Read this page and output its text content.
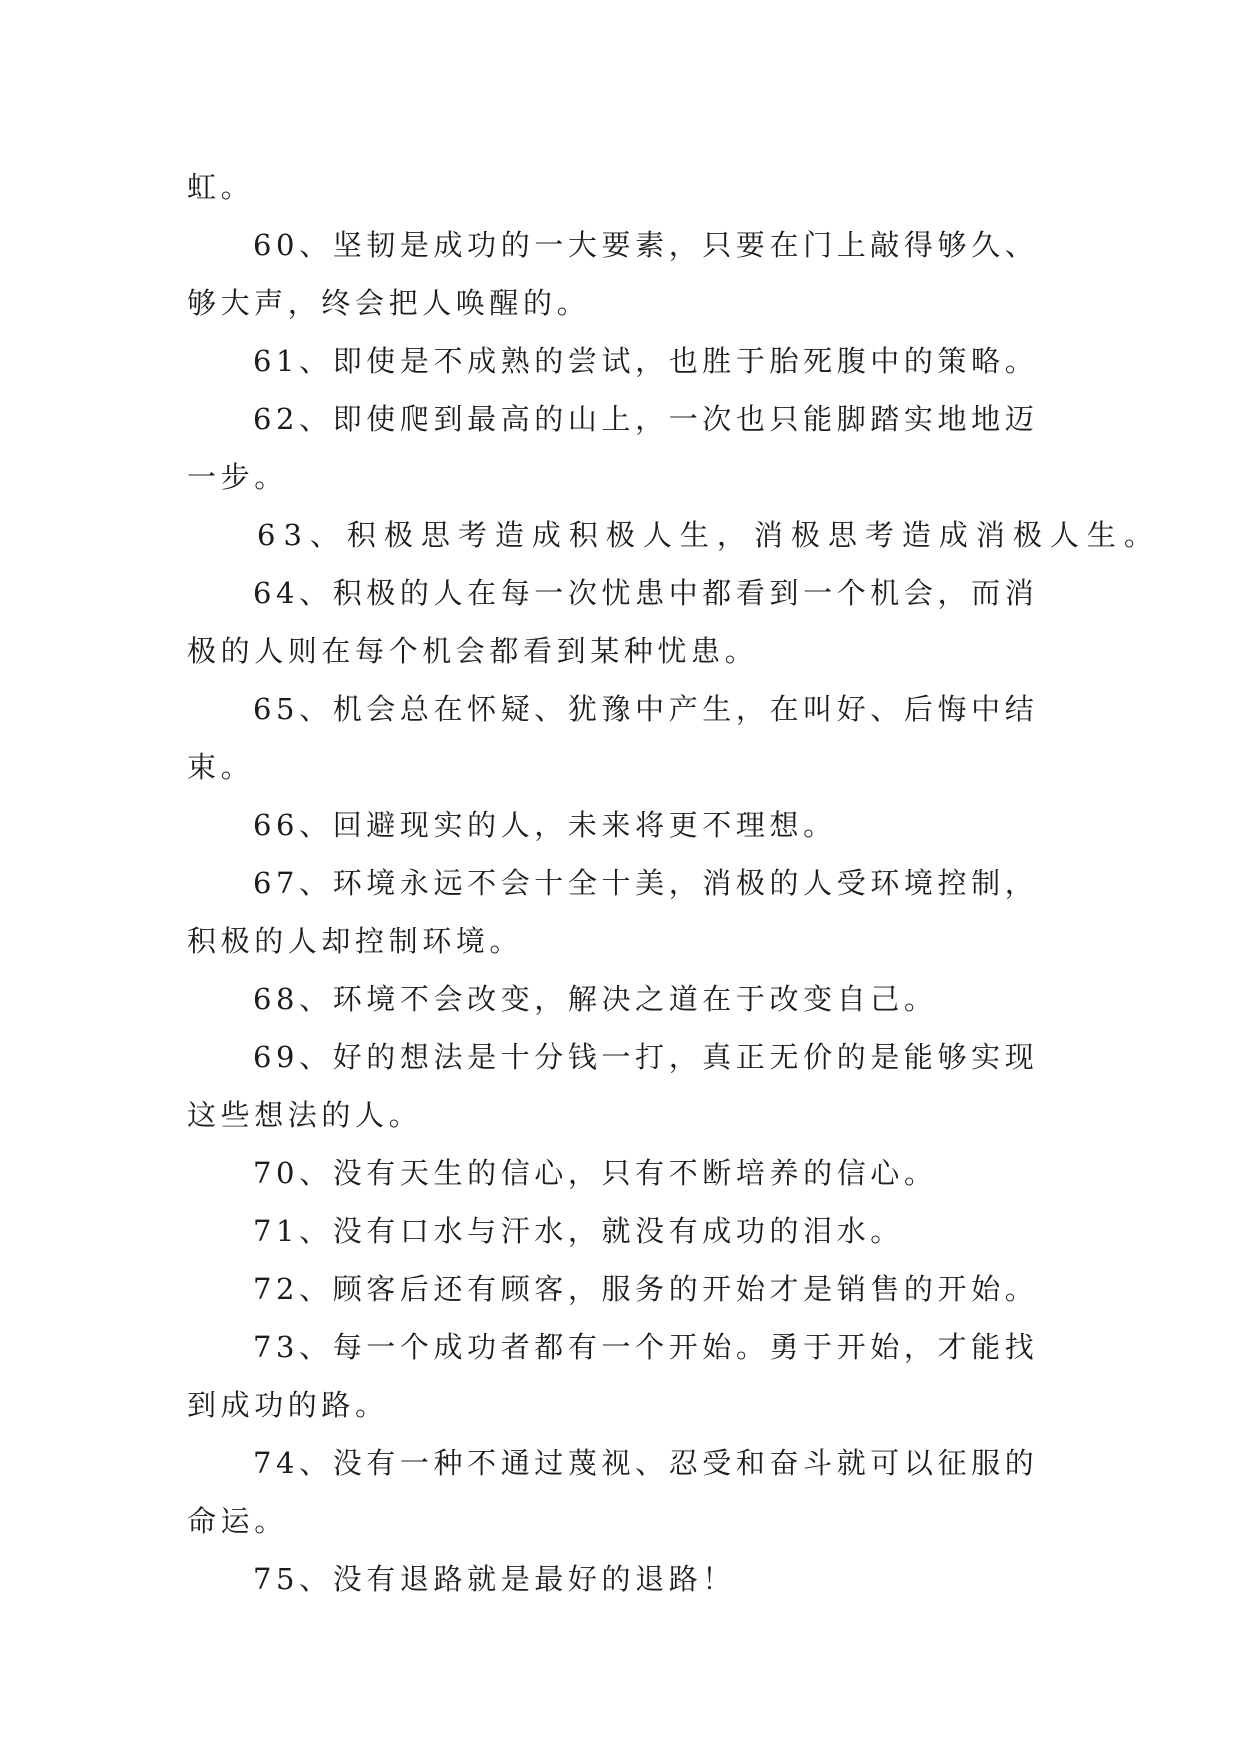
虹。

60、坚韧是成功的一大要素，只要在门上敲得够久、够大声，终会把人唤醒的。

61、即使是不成熟的尝试，也胜于胎死腹中的策略。

62、即使爬到最高的山上，一次也只能脚踏实地地迈一步。

63、积极思考造成积极人生，消极思考造成消极人生。

64、积极的人在每一次忧患中都看到一个机会，而消极的人则在每个机会都看到某种忧患。

65、机会总在怀疑、犹豫中产生，在叫好、后悔中结束。

66、回避现实的人，未来将更不理想。

67、环境永远不会十全十美，消极的人受环境控制，积极的人却控制环境。

68、环境不会改变，解决之道在于改变自己。

69、好的想法是十分钱一打，真正无价的是能够实现这些想法的人。

70、没有天生的信心，只有不断培养的信心。

71、没有口水与汗水，就没有成功的泪水。

72、顾客后还有顾客，服务的开始才是销售的开始。

73、每一个成功者都有一个开始。勇于开始，才能找到成功的路。

74、没有一种不通过蔑视、忍受和奋斗就可以征服的命运。

75、没有退路就是最好的退路！
